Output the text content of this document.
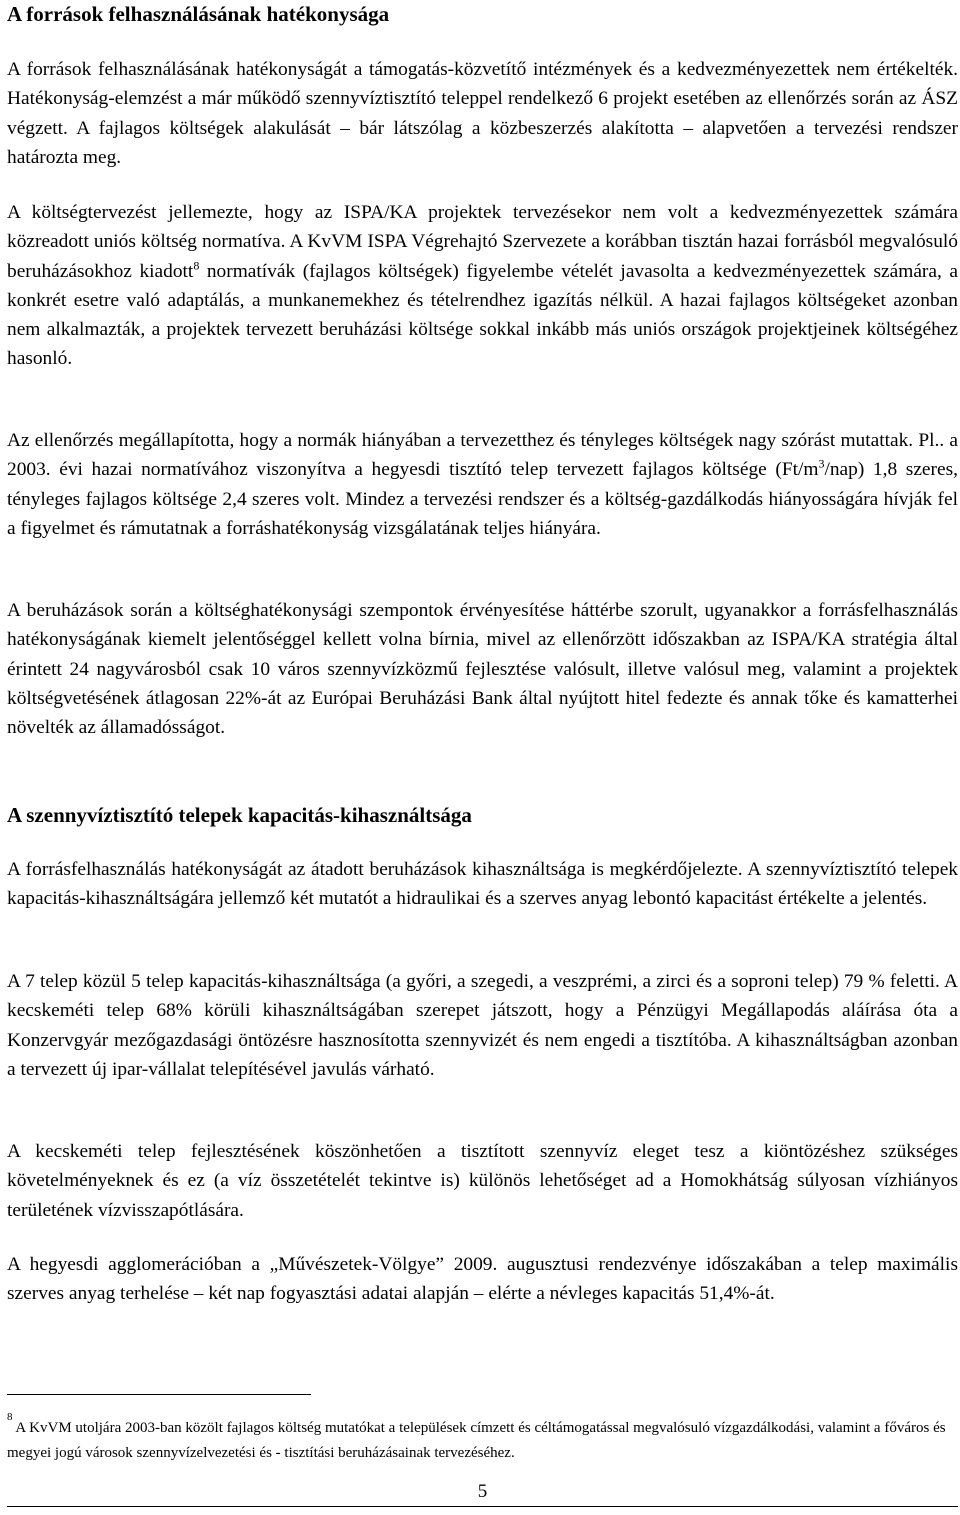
A források felhasználásának hatékonysága

A források felhasználásának hatékonyságát a támogatás-közvetítő intézmények és a kedvezményezettek nem értékelték. Hatékonyság-elemzést a már működő szennyvíztisztító teleppel rendelkező 6 projekt esetében az ellenőrzés során az ÁSZ végzett. A fajlagos költségek alakulását – bár látszólag a közbeszerzés alakította – alapvetően a tervezési rendszer határozta meg.

A költségtervezést jellemezte, hogy az ISPA/KA projektek tervezésekor nem volt a kedvezményezettek számára közreadott uniós költség normatíva. A KvVM ISPA Végrehajtó Szervezete a korábban tisztán hazai forrásból megvalósuló beruházásokhoz kiadott$^8$ normatívák (fajlagos költségek) figyelembe vételét javasolta a kedvezményezettek számára, a konkrét esetre való adaptálás, a munkanemekhez és tételrendhez igazítás nélkül. A hazai fajlagos költségeket azonban nem alkalmazták, a projektek tervezett beruházási költsége sokkal inkább más uniós országok projektjeinek költségéhez hasonló.

Az ellenőrzés megállapította, hogy a normák hiányában a tervezetthez és tényleges költségek nagy szórást mutattak. Pl.. a 2003. évi hazai normatívához viszonyítva a hegyesdi tisztító telep tervezett fajlagos költsége $(Ft/m^3/nap)$ 1,8 szeres, tényleges fajlagos költsége 2,4 szeres volt. Mindez a tervezési rendszer és a költség-gazdálkodás hiányosságára hívják fel a figyelmet és rámutatnak a forráshatékonyság vizsgálatának teljes hiányára.

A beruházások során a költséghatékonysági szempontok érvényesítése háttérbe szorult, ugyanakkor a forrásfelhasználás hatékonyságának kiemelt jelentőséggel kellett volna bírnia, mivel az ellenőrzött időszakban az ISPA/KA stratégia által érintett 24 nagyvárosból csak 10 város szennyvízközmű fejlesztése valósult, illetve valósul meg, valamint a projektek költségvetésének átlagosan 22%-át az Európai Beruházási Bank által nyújtott hitel fedezte és annak tőke és kamatterhei növelték az államadósságot.

A szennyvíztisztító telepek kapacitás-kihasználtsága

A forrásfelhasználás hatékonyságát az átadott beruházások kihasználtsága is megkérdőjelezte. A szennyvíztisztító telepek kapacitás-kihasználtságára jellemző két mutatót a hidraulikai és a szerves anyag lebontó kapacitást értékelte a jelentés.

A 7 telep közül 5 telep kapacitás-kihasználtsága (a győri, a szegedi, a veszprémi, a zirci és a soproni telep) 79 % feletti. A kecskeméti telep 68% körüli kihasználtságában szerepet játszott, hogy a Pénzügyi Megállapodás aláírása óta a Konzervgyár mezőgazdasági öntözésre hasznosította szennyvizét és nem engedi a tisztítóba. A kihasználtságban azonban a tervezett új ipar-vállalat telepítésével javulás várható.

A kecskeméti telep fejlesztésének köszönhetően a tisztított szennyvíz eleget tesz a kiöntözéshez szükséges követelményeknek és ez (a víz összetételét tekintve is) különös lehetőséget ad a Homokhátság súlyosan vízhiányos területének vízvisszapótlására.

A hegyesdi agglomerációban a „Művészetek-Völgye” 2009. augusztusi rendezvénye időszakában a telep maximális szerves anyag terhelése – két nap fogyasztási adatai alapján – elérte a névleges kapacitás 51,4%-át.

$^8$ A KvVM utoljára 2003-ban közölt fajlagos költség mutatókat a települések címzett és céltámogatással megvalósuló vízgazdálkodási, valamint a főváros és megyei jogú városok szennyvízelvezetési és - tisztítási beruházásainak tervezéséhez.
5
